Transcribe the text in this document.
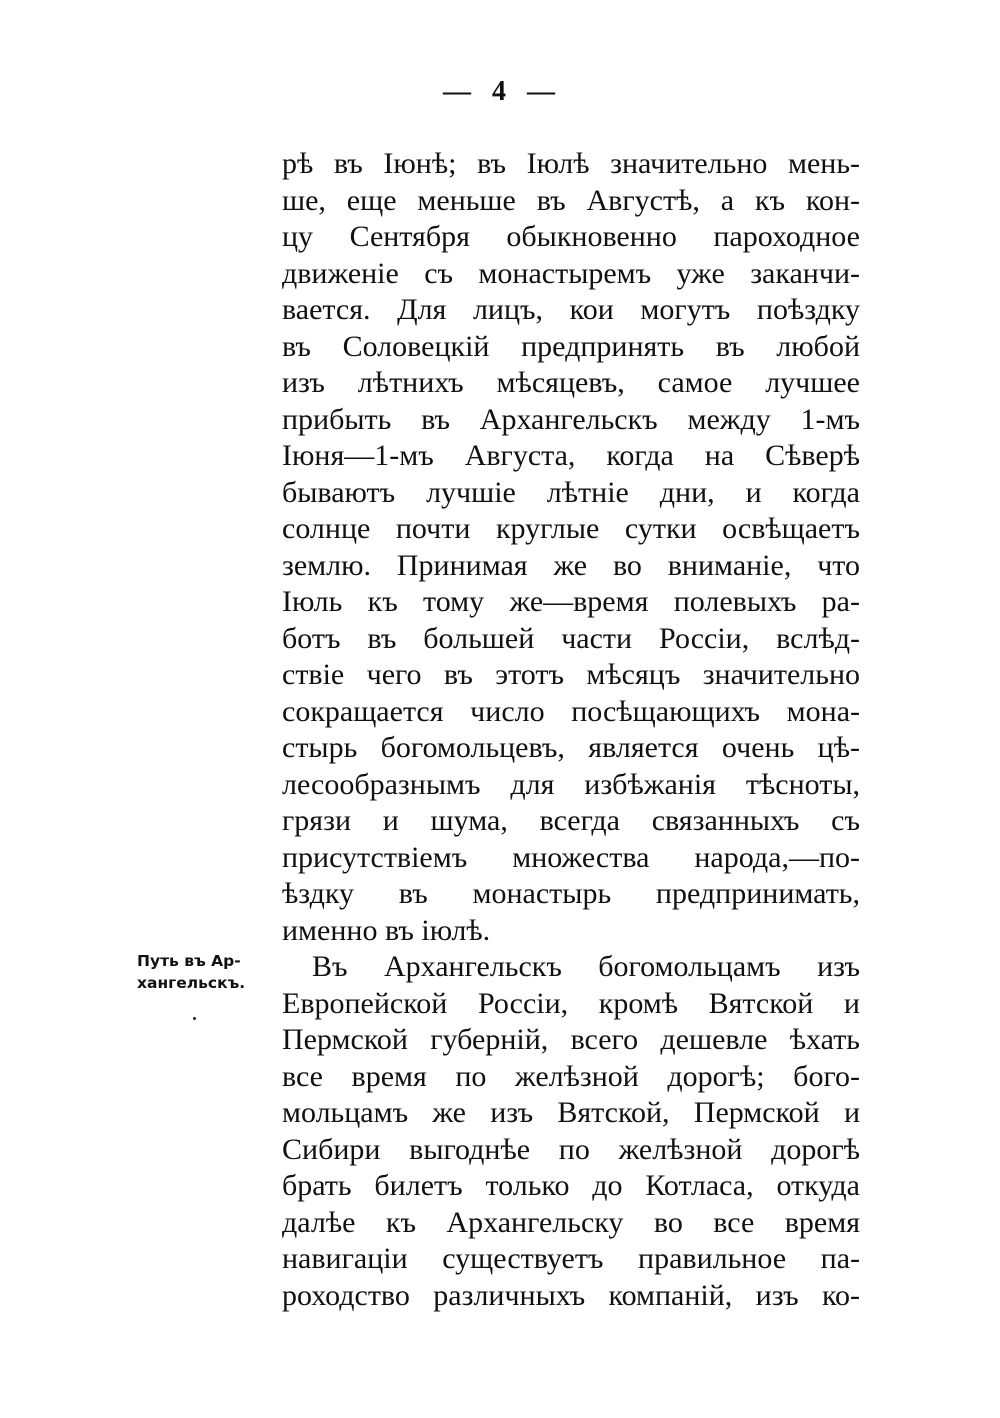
— 4 —
рѣ въ Іюнѣ; въ Іюлѣ значительно мень-
ше, еще меньше въ Августѣ, а къ кон-
цу Сентября обыкновенно пароходное
движеніе съ монастыремъ уже заканчи-
вается. Для лицъ, кои могутъ поѣздку
въ Соловецкій предпринять въ любой
изъ лѣтнихъ мѣсяцевъ, самое лучшее
прибыть въ Архангельскъ между 1-мъ
Іюня—1-мъ Августа, когда на Сѣверѣ
бываютъ лучшіе лѣтніе дни, и когда
солнце почти круглые сутки освѣщаетъ
землю. Принимая же во вниманіе, что
Іюль къ тому же—время полевыхъ ра-
ботъ въ большей части Россіи, вслѣд-
ствіе чего въ этотъ мѣсяцъ значительно
сокращается число посѣщающихъ мона-
стырь богомольцевъ, является очень цѣ-
лесообразнымъ для избѣжанія тѣсноты,
грязи и шума, всегда связанныхъ съ
присутствіемъ множества народа,—по-
ѣздку въ монастырь предпринимать,
именно въ іюлѣ.
Въ Архангельскъ богомольцамъ изъ
Европейской Россіи, кромѣ Вятской и
Пермской губерній, всего дешевле ѣхать
все время по желѣзной дорогѣ; бого-
мольцамъ же изъ Вятской, Пермской и
Сибири выгоднѣе по желѣзной дорогѣ
брать билетъ только до Котласа, откуда
далѣе къ Архангельску во все время
навигаціи существуетъ правильное па-
роходство различныхъ компаній, изъ ко-
Путь въ Ар-
хангельскъ.
